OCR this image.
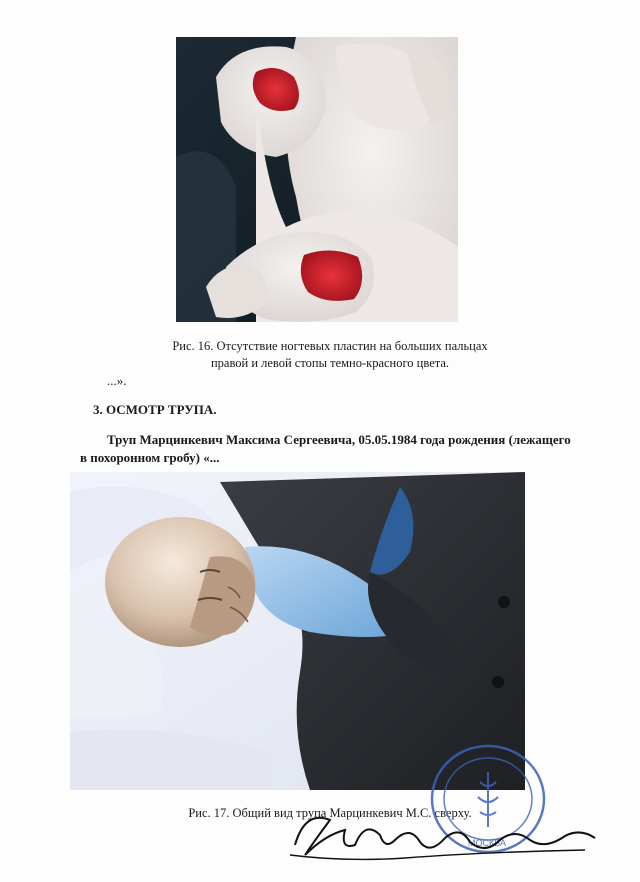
Рис. 16. Отсутствие ногтевых пластин на больших пальцах
правой и левой стопы темно-красного цвета.
...».
3. ОСМОТР ТРУПА.
Труп Марцинкевич Максима Сергеевича, 05.05.1984 года рождения (лежащего
в похоронном гробу) «...
Рис. 17. Общий вид трупа Марцинкевич М.С. сверху.
МОСКВА
